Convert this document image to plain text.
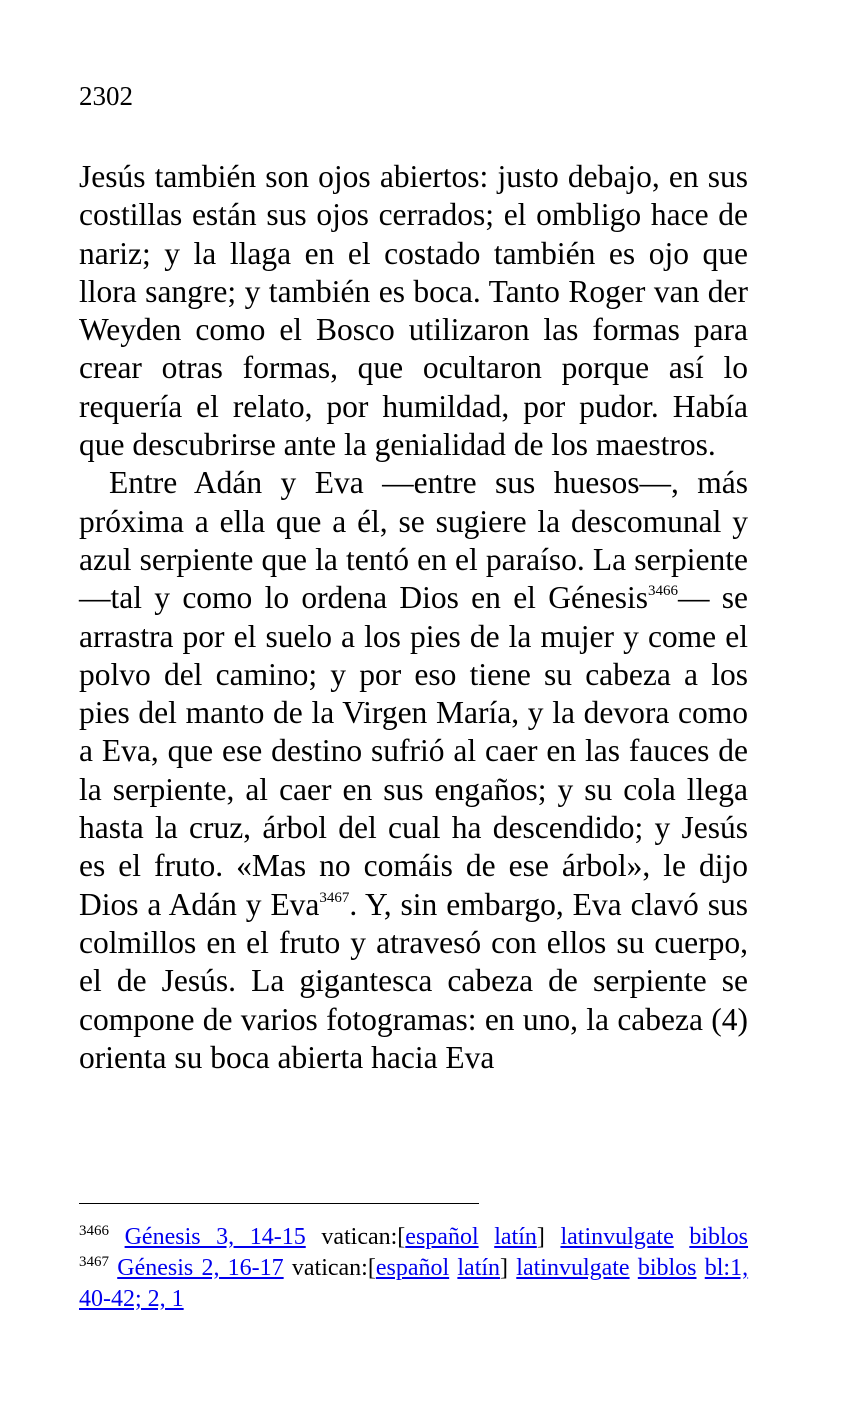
2302

Jesús también son ojos abiertos: justo debajo, en sus costillas están sus ojos cerrados; el ombligo hace de nariz; y la llaga en el costado también es ojo que llora sangre; y también es boca. Tanto Roger van der Weyden como el Bosco utilizaron las formas para crear otras formas, que ocultaron porque así lo requería el relato, por humildad, por pudor. Había que descubrirse ante la genialidad de los maestros.

Entre Adán y Eva —entre sus huesos—, más próxima a ella que a él, se sugiere la descomunal y azul serpiente que la tentó en el paraíso. La serpiente —tal y como lo ordena Dios en el Génesis$^{3466}$— se arrastra por el suelo a los pies de la mujer y come el polvo del camino; y por eso tiene su cabeza a los pies del manto de la Virgen María, y la devora como a Eva, que ese destino sufrió al caer en las fauces de la serpiente, al caer en sus engaños; y su cola llega hasta la cruz, árbol del cual ha descendido; y Jesús es el fruto. «Mas no comáis de ese árbol», le dijo Dios a Adán y Eva$^{3467}$. Y, sin embargo, Eva clavó sus colmillos en el fruto y atravesó con ellos su cuerpo, el de Jesús. La gigantesca cabeza de serpiente se compone de varios fotogramas: en uno, la cabeza (4) orienta su boca abierta hacia Eva

$^{3466}$ Génesis 3, 14-15 vatican:[español latín] latinvulgate biblos
$^{3467}$ Génesis 2, 16-17 vatican:[español latín] latinvulgate biblos bl:1, 40-42; 2, 1
